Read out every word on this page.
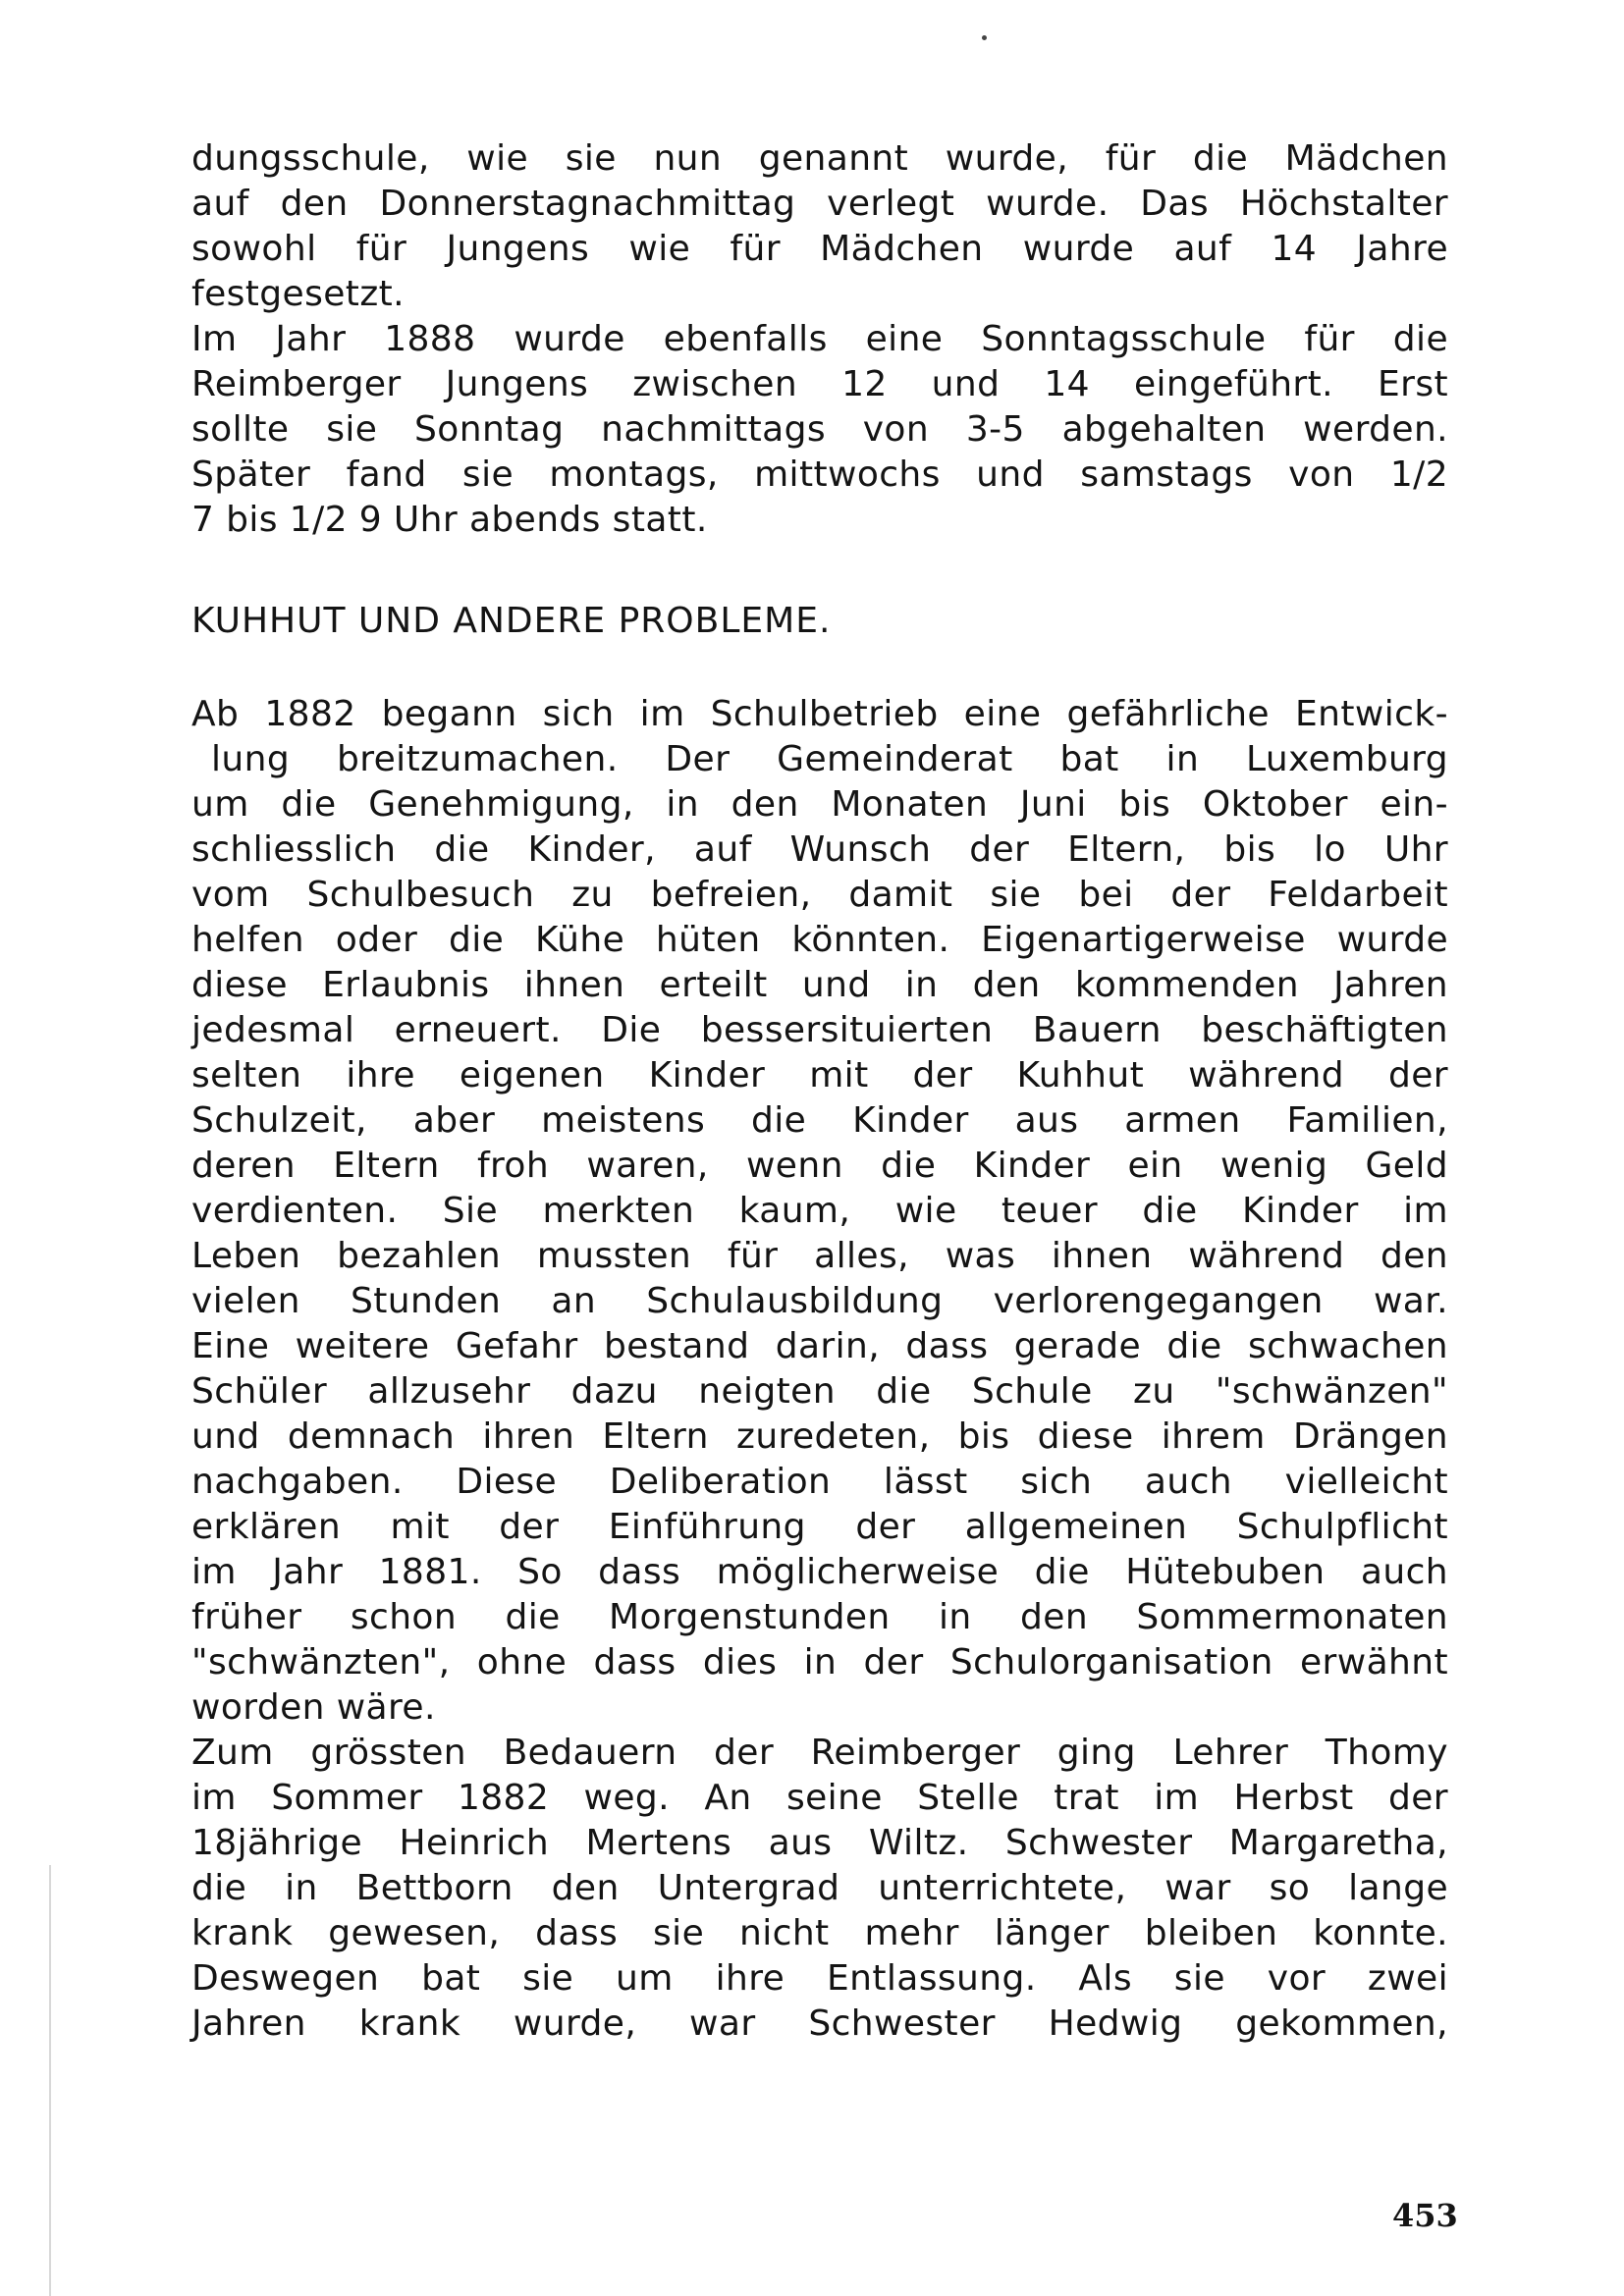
dungsschule, wie sie nun genannt wurde, für die Mädchen
auf den Donnerstagnachmittag verlegt wurde. Das Höchstalter
sowohl für Jungens wie für Mädchen wurde auf 14 Jahre
festgesetzt.
Im Jahr 1888 wurde ebenfalls eine Sonntagsschule für die
Reimberger Jungens zwischen 12 und 14 eingeführt. Erst
sollte sie Sonntag nachmittags von 3-5 abgehalten werden.
Später fand sie montags, mittwochs und samstags von 1/2
7 bis 1/2 9 Uhr abends statt.
KUHHUT UND ANDERE PROBLEME.
Ab 1882 begann sich im Schulbetrieb eine gefährliche Entwick-
lung breitzumachen. Der Gemeinderat bat in Luxemburg
um die Genehmigung, in den Monaten Juni bis Oktober ein-
schliesslich die Kinder, auf Wunsch der Eltern, bis lo Uhr
vom Schulbesuch zu befreien, damit sie bei der Feldarbeit
helfen oder die Kühe hüten könnten. Eigenartigerweise wurde
diese Erlaubnis ihnen erteilt und in den kommenden Jahren
jedesmal erneuert. Die bessersituierten Bauern beschäftigten
selten ihre eigenen Kinder mit der Kuhhut während der
Schulzeit, aber meistens die Kinder aus armen Familien,
deren Eltern froh waren, wenn die Kinder ein wenig Geld
verdienten. Sie merkten kaum, wie teuer die Kinder im
Leben bezahlen mussten für alles, was ihnen während den
vielen Stunden an Schulausbildung verlorengegangen war.
Eine weitere Gefahr bestand darin, dass gerade die schwachen
Schüler allzusehr dazu neigten die Schule zu "schwänzen"
und demnach ihren Eltern zuredeten, bis diese ihrem Drängen
nachgaben. Diese Deliberation lässt sich auch vielleicht
erklären mit der Einführung der allgemeinen Schulpflicht
im Jahr 1881. So dass möglicherweise die Hütebuben auch
früher schon die Morgenstunden in den Sommermonaten
"schwänzten", ohne dass dies in der Schulorganisation erwähnt
worden wäre.
Zum grössten Bedauern der Reimberger ging Lehrer Thomy
im Sommer 1882 weg. An seine Stelle trat im Herbst der
18jährige Heinrich Mertens aus Wiltz. Schwester Margaretha,
die in Bettborn den Untergrad unterrichtete, war so lange
krank gewesen, dass sie nicht mehr länger bleiben konnte.
Deswegen bat sie um ihre Entlassung. Als sie vor zwei
Jahren krank wurde, war Schwester Hedwig gekommen,
453
